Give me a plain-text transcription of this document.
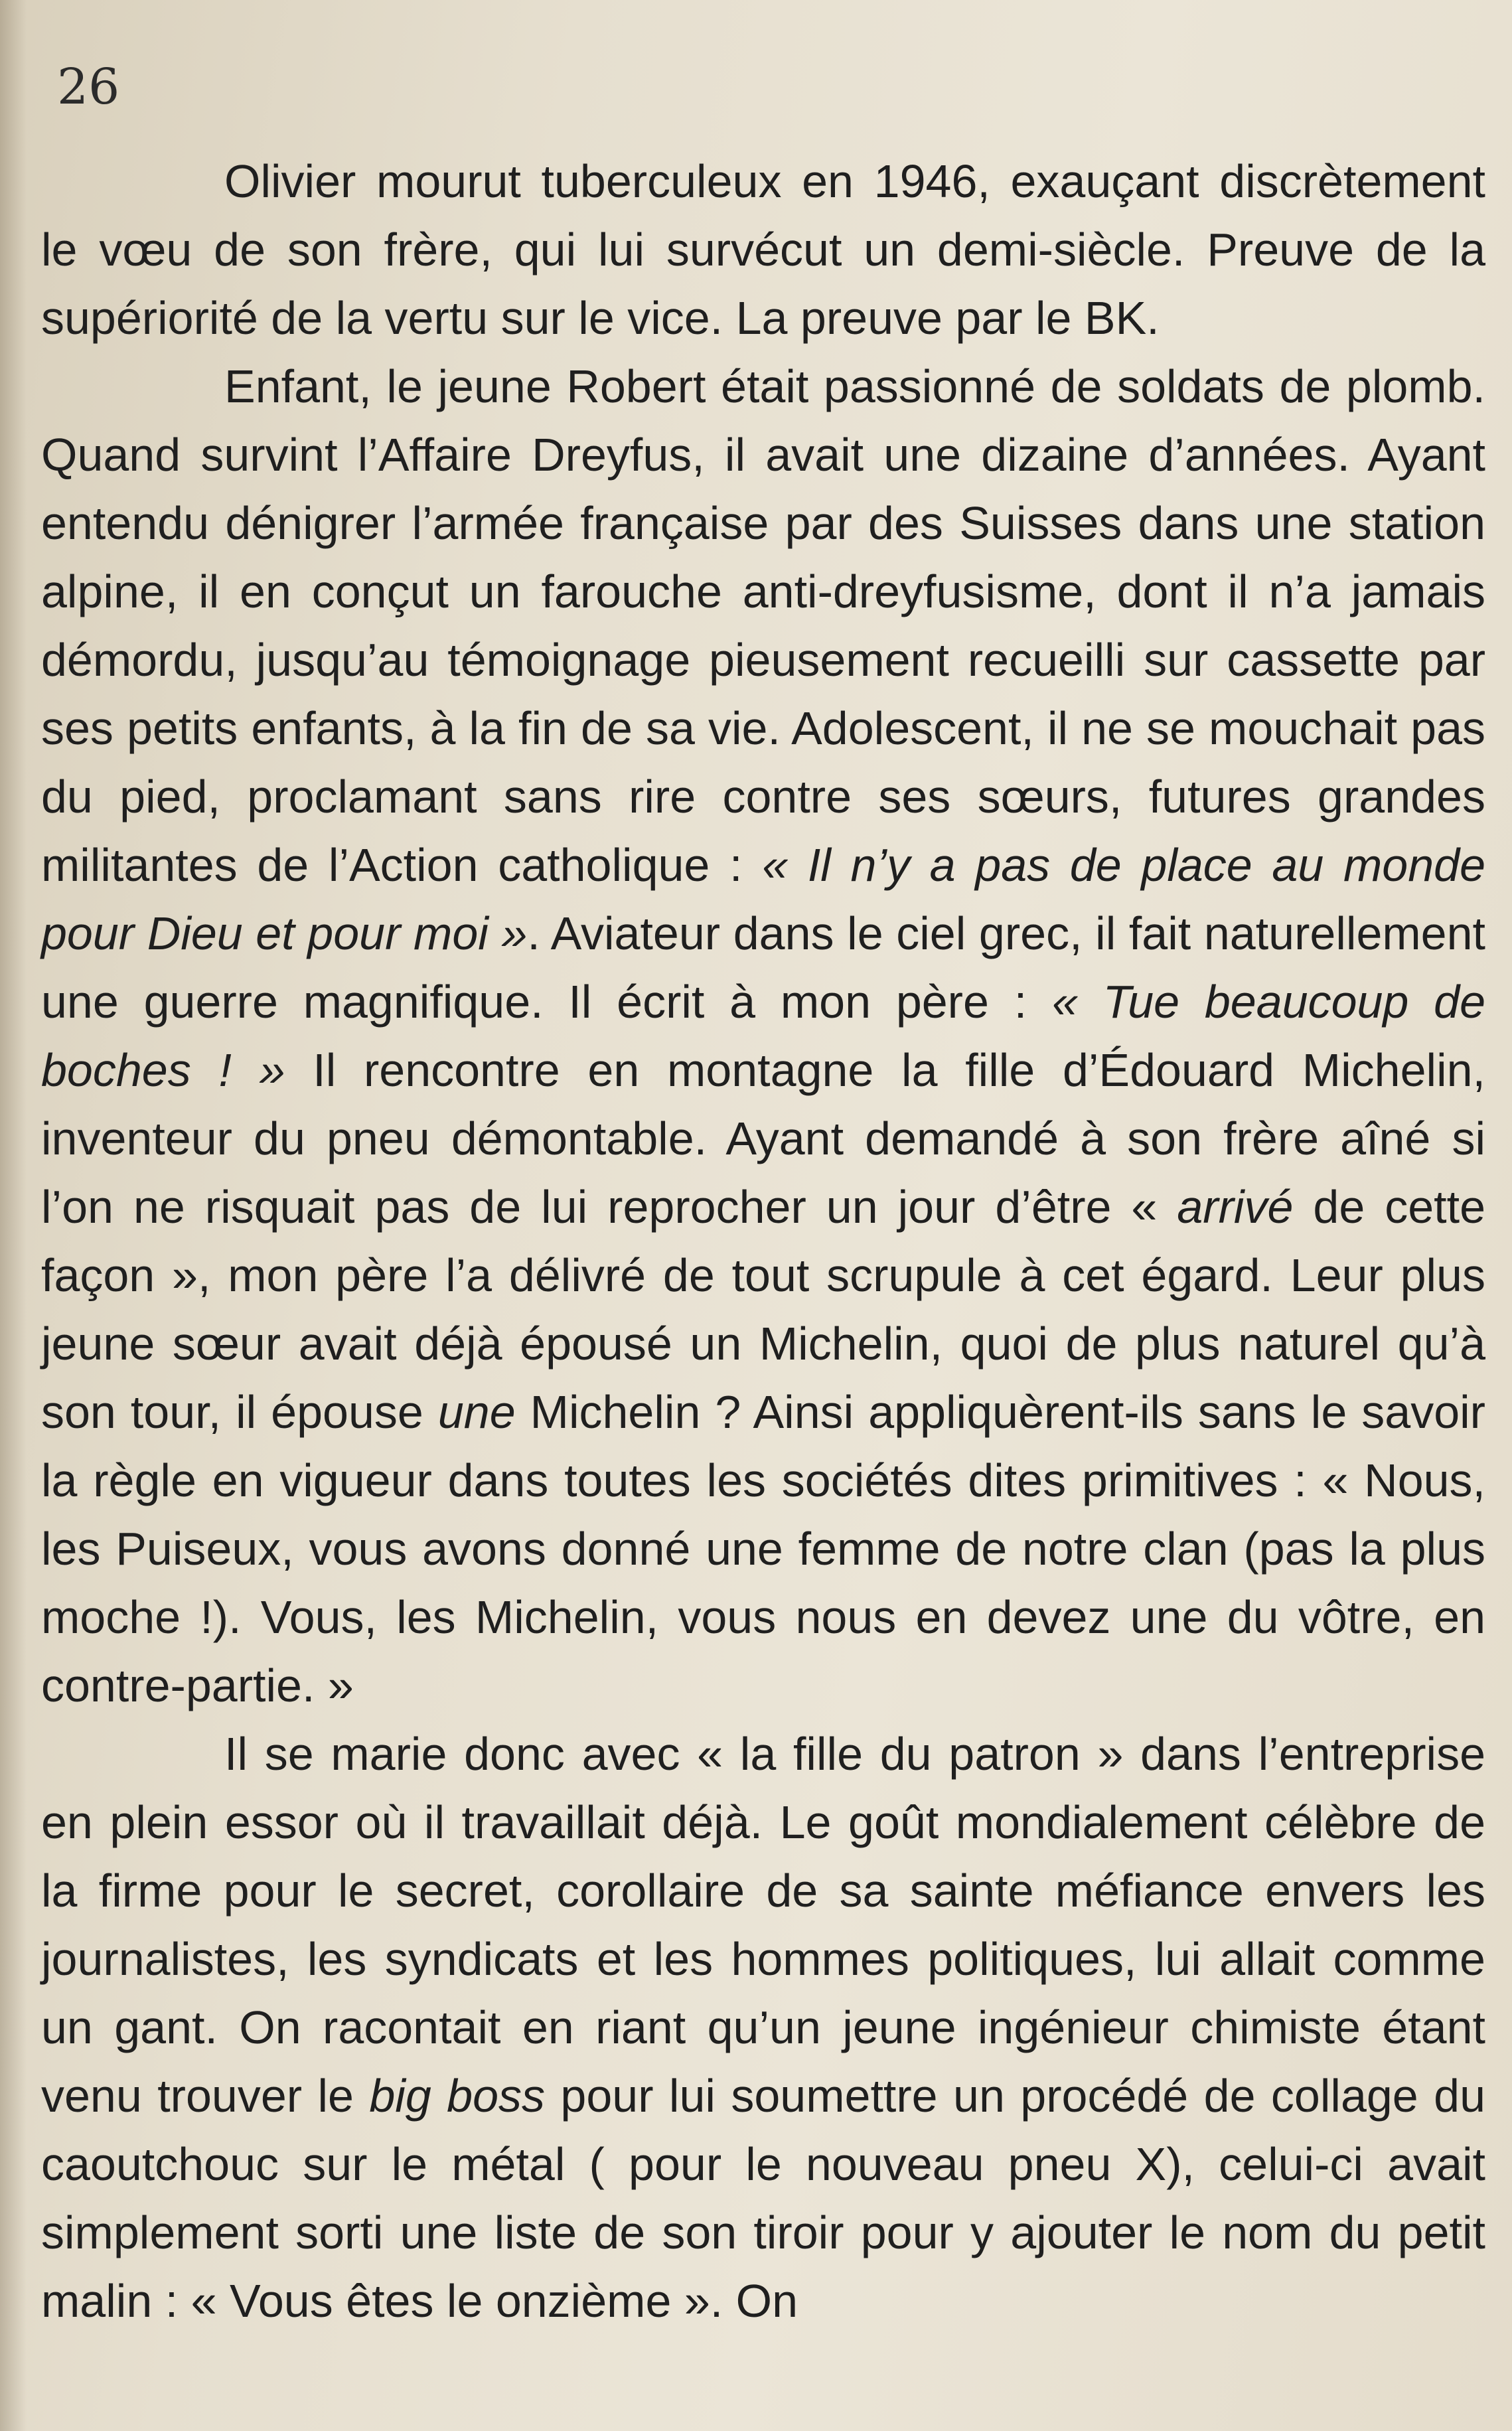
26

Olivier mourut tuberculeux en 1946, exauçant discrètement le vœu de son frère, qui lui survécut un demi-siècle. Preuve de la supériorité de la vertu sur le vice. La preuve par le BK.

Enfant, le jeune Robert était passionné de soldats de plomb. Quand survint l’Affaire Dreyfus, il avait une dizaine d’années. Ayant entendu dénigrer l’armée française par des Suisses dans une station alpine, il en conçut un farouche anti-dreyfusisme, dont il n’a jamais démordu, jusqu’au témoignage pieusement recueilli sur cassette par ses petits enfants, à la fin de sa vie. Adolescent, il ne se mouchait pas du pied, proclamant sans rire contre ses sœurs, futures grandes militantes de l’Action catholique : « Il n’y a pas de place au monde pour Dieu et pour moi ». Aviateur dans le ciel grec, il fait naturellement une guerre magnifique. Il écrit à mon père : « Tue beaucoup de boches ! » Il rencontre en montagne la fille d’Édouard Michelin, inventeur du pneu démontable. Ayant demandé à son frère aîné si l’on ne risquait pas de lui reprocher un jour d’être « arrivé de cette façon », mon père l’a délivré de tout scrupule à cet égard. Leur plus jeune sœur avait déjà épousé un Michelin, quoi de plus naturel qu’à son tour, il épouse une Michelin ? Ainsi appliquèrent-ils sans le savoir la règle en vigueur dans toutes les sociétés dites primitives : « Nous, les Puiseux, vous avons donné une femme de notre clan (pas la plus moche !). Vous, les Michelin, vous nous en devez une du vôtre, en contre-partie. »

Il se marie donc avec « la fille du patron » dans l’entreprise en plein essor où il travaillait déjà. Le goût mondialement célèbre de la firme pour le secret, corollaire de sa sainte méfiance envers les journalistes, les syndicats et les hommes politiques, lui allait comme un gant. On racontait en riant qu’un jeune ingénieur chimiste étant venu trouver le big boss pour lui soumettre un procédé de collage du caoutchouc sur le métal ( pour le nouveau pneu X), celui-ci avait simplement sorti une liste de son tiroir pour y ajouter le nom du petit malin : « Vous êtes le onzième ». On
